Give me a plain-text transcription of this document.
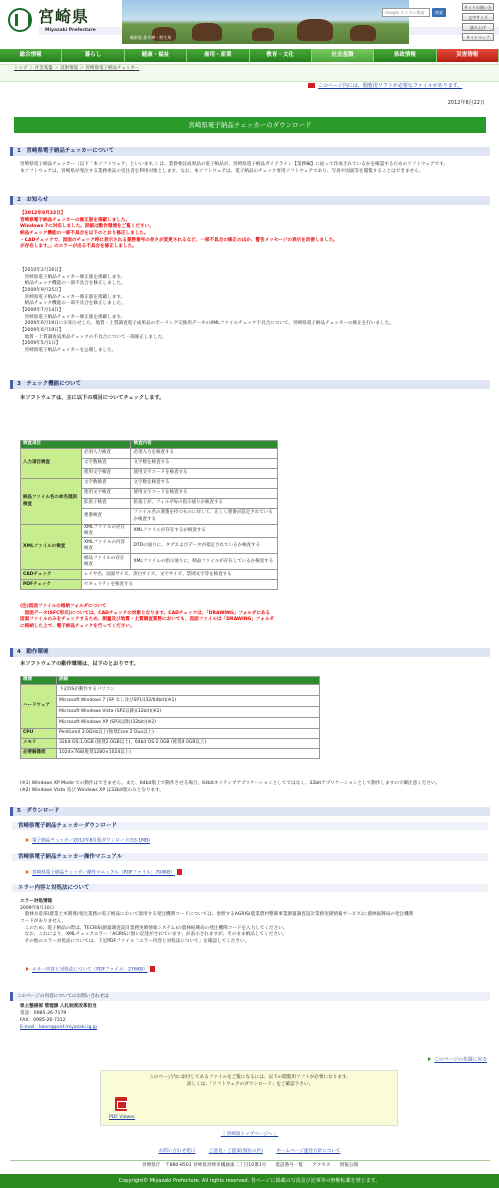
宮崎県
Miyazaki Prefecture
撮影地 都井岬・野生馬
Google カスタム検索	検索
サイトの使い方
文字サイズ
読み上げ
サイトマップ
総合情報	暮らし	健康・福祉	雇用・産業	教育・文化	社会基盤	県政情報	災害情報
トップ ＞ 社会基盤 ＞ 技術情報 ＞ 宮崎県電子納品チェッカー
このページ内には、閲覧用ソフトが必要なファイルがあります。
2012年8月22日
宮崎県電子納品チェッカーのダウンロード
1　宮崎県電子納品チェッカーについて
宮崎県電子納品チェッカー（以下「本ソフトウェア」といいます。）は、業務委託成果品の電子納品が、宮崎県電子納品ガイドライン【業務編】に従って作成されているかを確認するためのソフトウェアです。
本ソフトウェアは、宮崎県が発注する業務委託の受注者を利用対象とします。なお、本ソフトウェアは、電子納品のチェック専用ソフトウェアであり、写真や図面等を閲覧することはできません。
2　お知らせ
【2012年8月22日】
宮崎県電子納品チェッカーの修正版を掲載しました。
Windows 7に対応しました。詳細は動作環境をご覧ください。
納品チェック機能の一部不具合を以下のとおり修正しました。
・CADチェックで、図面のチェック時に表示される業務番号の長さが変更されるなど、一部不具合の修正のほか、警告メッセージの表示を改善しました。
が存在します。」のエラーが出る不具合を修正しました。
【2010年2月26日】
　宮崎県電子納品チェッカー修正版を掲載します。
　納品チェック機能の一部不具合を修正しました。
【2009年9月25日】
　宮崎県電子納品チェッカー修正版を掲載します。
　納品チェック機能の一部不具合を修正しました。
【2009年7月14日】
　宮崎県電子納品チェッカー修正版を掲載します。
　2009年6月19日にお知らせした、地質・土質調査電子成果品のボーリング交換用データのXMLファイルチェック不具合について、宮崎県電子納品チェッカーの修正を行いました。
【2009年6月19日】
　地質・土質調査成果品チェックの不具合について一部修正しました。
【2009年5月1日】
　宮崎県電子納品チェッカーを公開しました。
3　チェック機能について
本ソフトウェアは、主に以下の項目についてチェックします。
検査項目		検査内容
入力項目検査	必須入力検査	必須入力を検査する
	文字数検査	文字数を検査する
	使用文字検査	使用文字コードを検査する
納品ファイル名の命名規則検査	文字数検査	文字数を検査する
	使用文字検査	使用文字コードを検査する
	拡張子検査	拡張子が、フォルダ毎の指示通りか検査する
	連番検査	ファイル名の連番を持つものに対して、正しく連番が設定されているか検査する
XMLファイルの検査	XMLファイルの存在検査	XMLファイルが存在するか検査する
	XMLファイルの内容検査	DTDの通りに、タグおよびデータが指定されているか検査する
	納品ファイルの存在検査	XMLファイルの指示通りに、納品ファイルが存在しているか検査する
CADチェック	レイヤ名、図面サイズ、余白サイズ、文字サイズ、禁則文字等を検査する	
PDFチェック	セキュリティを検査する	
(注)図面ファイルの格納フォルダについて
　図面データ(SFC形式)については、CADチェックの対象となります。CADチェックは、「DRAWING」フォルダにある
図面ファイルのみをチェックするため、測量及び地質・土質調査業務においても、図面ファイルは「DRAWING」フォルダ
に格納した上で、電子納品チェックを行ってください。
4　動作環境
本ソフトウェアの動作環境は、以下のとおりです。
環境	詳細
ハードウェア	下記OSが動作するパソコン
	Microsoft Windows 7 (SP なし及びSP1)(32/64bit)(※1)
	Microsoft Windows Vista (SP2以降)(32bit)(※2)
	Microsoft Windows XP (SP3以降)(32bit)(※2)
CPU	Pentium4 3.0GHz以上(推奨Core 2 Duo以上)
メモリ	32bit OS:1.0GB (推奨2.0GB以上)、64bit OS:2.0GB (推奨4.0GB以上)
必要解像度	1024×768(推奨1280×1024以上)
(※1) Windows XP Mode での動作はできません。また、64bit版上で動作させる場合、64bitネイティブアプリケーションとしてではなく、32bitアプリケーションとして動作しますので御注意ください。
(※2) Windows Vista 及び Windows XP は32bit版のみとなります。
5　ダウンロード
宮崎県電子納品チェッカーダウンロード
電子納品チェッカー2012年8月版ダウンロード(53.1MB)
宮崎県電子納品チェッカー操作マニュアル
宮崎県電子納品チェッカー操作マニュアル（PDFファイル：704KB）
エラー内容と対処法について
エラー対処情報
2009年8月10日
　農林水産部(農業土木関係)発注業務の電子納品において使用する発注機関コードについては、参照するAGRIS(農業農村整備事業測量調査設計業務実績情報サービス)に農林振興局の発注機関
コードがありません。
　このため、電子納品の際は、TECRIS(測量調査設計業務実績情報システム)の農林振興局の発注機関コードを入力してください。
　なお、これにより、XMLチェックエラー「AGRISに無い記述がされています」が表示されますが、そのまま納品してください。
　その他のエラー対処法については、下記PDFファイル「エラー内容と対処法について」を確認してください。
エラー内容と対処法について（PDFファイル：276KB）
このページの内容についてのお問い合わせは
県土整備部 管理課 入札制度改革担当
電話：0985-26-7179
FAX：0985-26-7312
E-mail：kanri@pref.miyazaki.lg.jp
このページの先頭に戻る
このページ内に添付してあるファイルをご覧になるには、以下の閲覧用ソフトが必要になります。
詳しくは、「ソフトウェアのダウンロード」をご確認下さい。
PDF Viewer
［ 宮崎県トップページへ ］
お問い合わせ窓口	ご意見・ご提案(県民の声)	ホームページ運営方針について
宮崎県庁　〒880-8501 宮崎県宮崎市橘通東二丁目10番1号　　電話番号一覧　　アクセス　　情報公開
Copyright© Miyazaki Prefecture. All rights reserved. 各ページに掲載の写真及び記事等の無断転載を禁じます。
